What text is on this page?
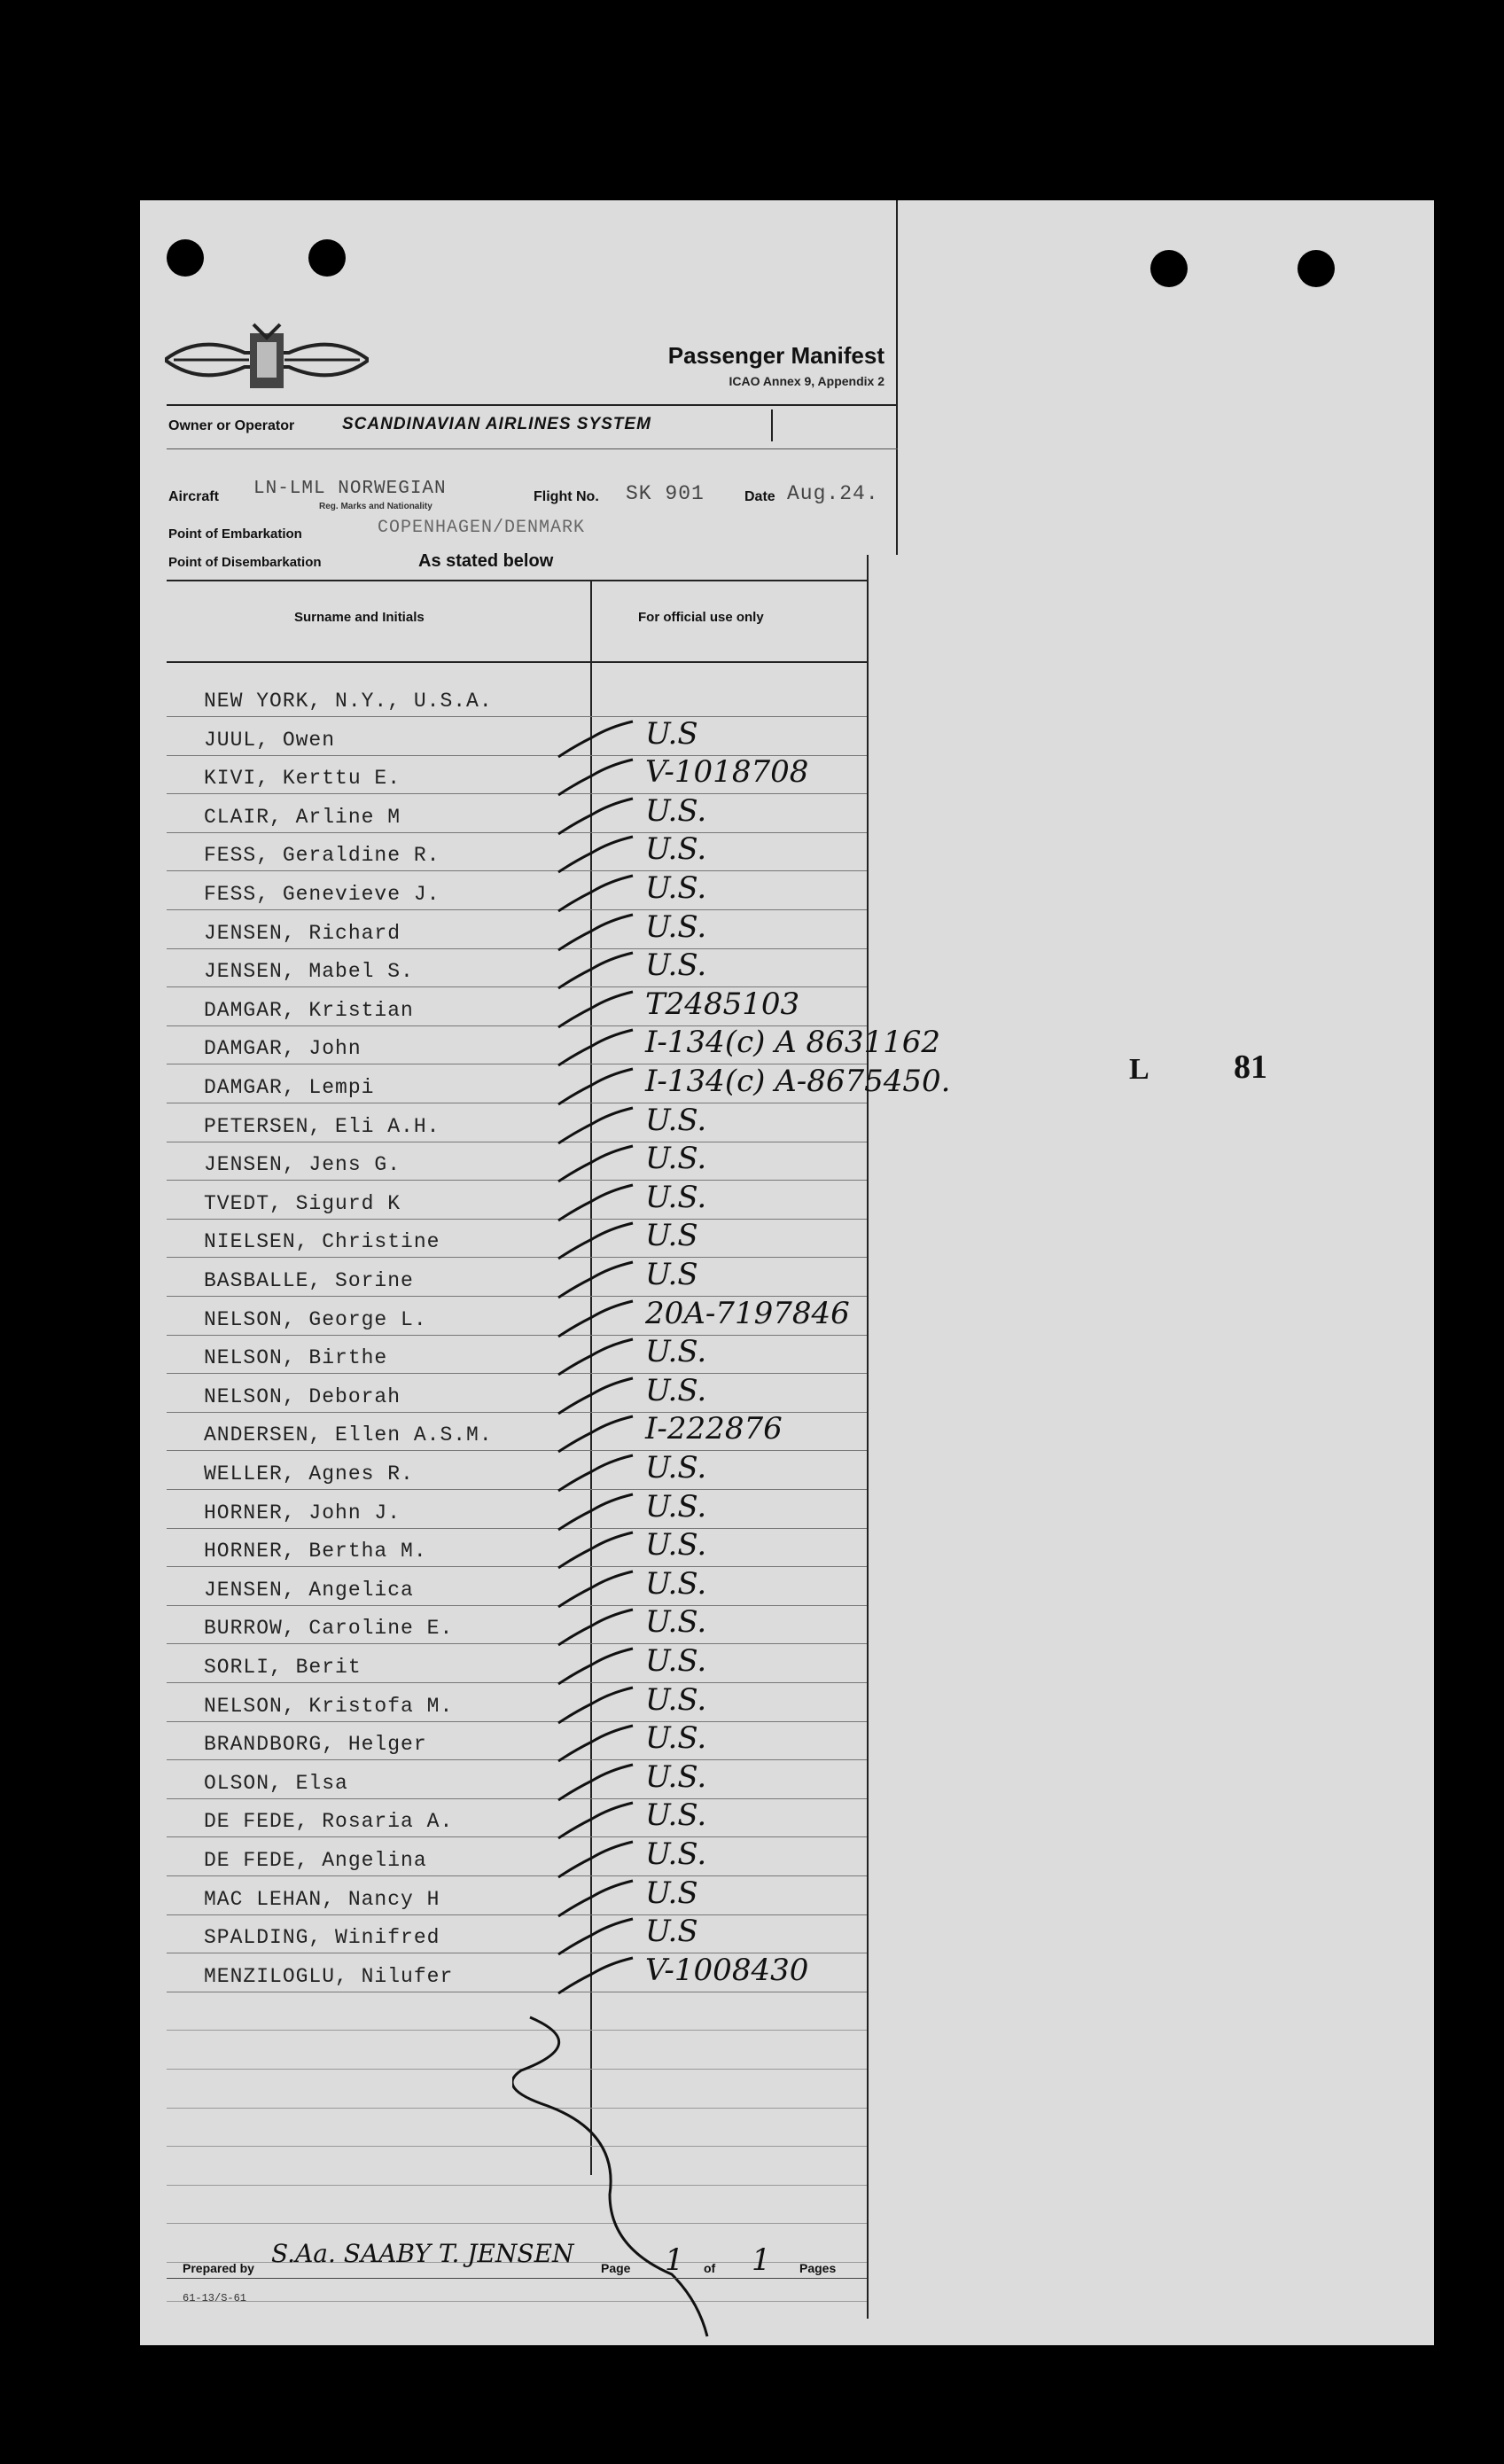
Passenger Manifest
ICAO Annex 9, Appendix 2
Owner or Operator	SCANDINAVIAN AIRLINES SYSTEM
Aircraft LN-LML NORWEGIAN
Reg. Marks and Nationality
Flight No. SK 901	Date Aug.24.
Point of Embarkation	COPENHAGEN/DENMARK
Point of Disembarkation	As stated below
Surname and Initials	For official use only
NEW YORK, N.Y., U.S.A.
JUUL, Owen	U.S
KIVI, Kerttu E.	V-1018708
CLAIR, Arline M	U.S.
FESS, Geraldine R.	U.S.
FESS, Genevieve J.	U.S.
JENSEN, Richard	U.S.
JENSEN, Mabel S.	U.S.
DAMGAR, Kristian	T2485103
DAMGAR, John	I-134(c) A 8631162
DAMGAR, Lempi	I-134(c) A-8675450.
PETERSEN, Eli A.H.	U.S.
JENSEN, Jens G.	U.S.
TVEDT, Sigurd K	U.S.
NIELSEN, Christine	U.S
BASBALLE, Sorine	U.S
NELSON, George L.	20A-7197846
NELSON, Birthe	U.S.
NELSON, Deborah	U.S.
ANDERSEN, Ellen A.S.M.	I-222876
WELLER, Agnes R.	U.S.
HORNER, John J.	U.S.
HORNER, Bertha M.	U.S.
JENSEN, Angelica	U.S.
BURROW, Caroline E.	U.S.
SORLI, Berit	U.S.
NELSON, Kristofa M.	U.S.
BRANDBORG, Helger	U.S.
OLSON, Elsa	U.S.
DE FEDE, Rosaria A.	U.S.
DE FEDE, Angelina	U.S.
MAC LEHAN, Nancy H	U.S
SPALDING, Winifred	U.S
MENZILOGLU, Nilufer	V-1008430
L	81
Prepared by S.Aa. SAABY T. JENSEN Page 1 of 1 Pages
61-13/S-61
